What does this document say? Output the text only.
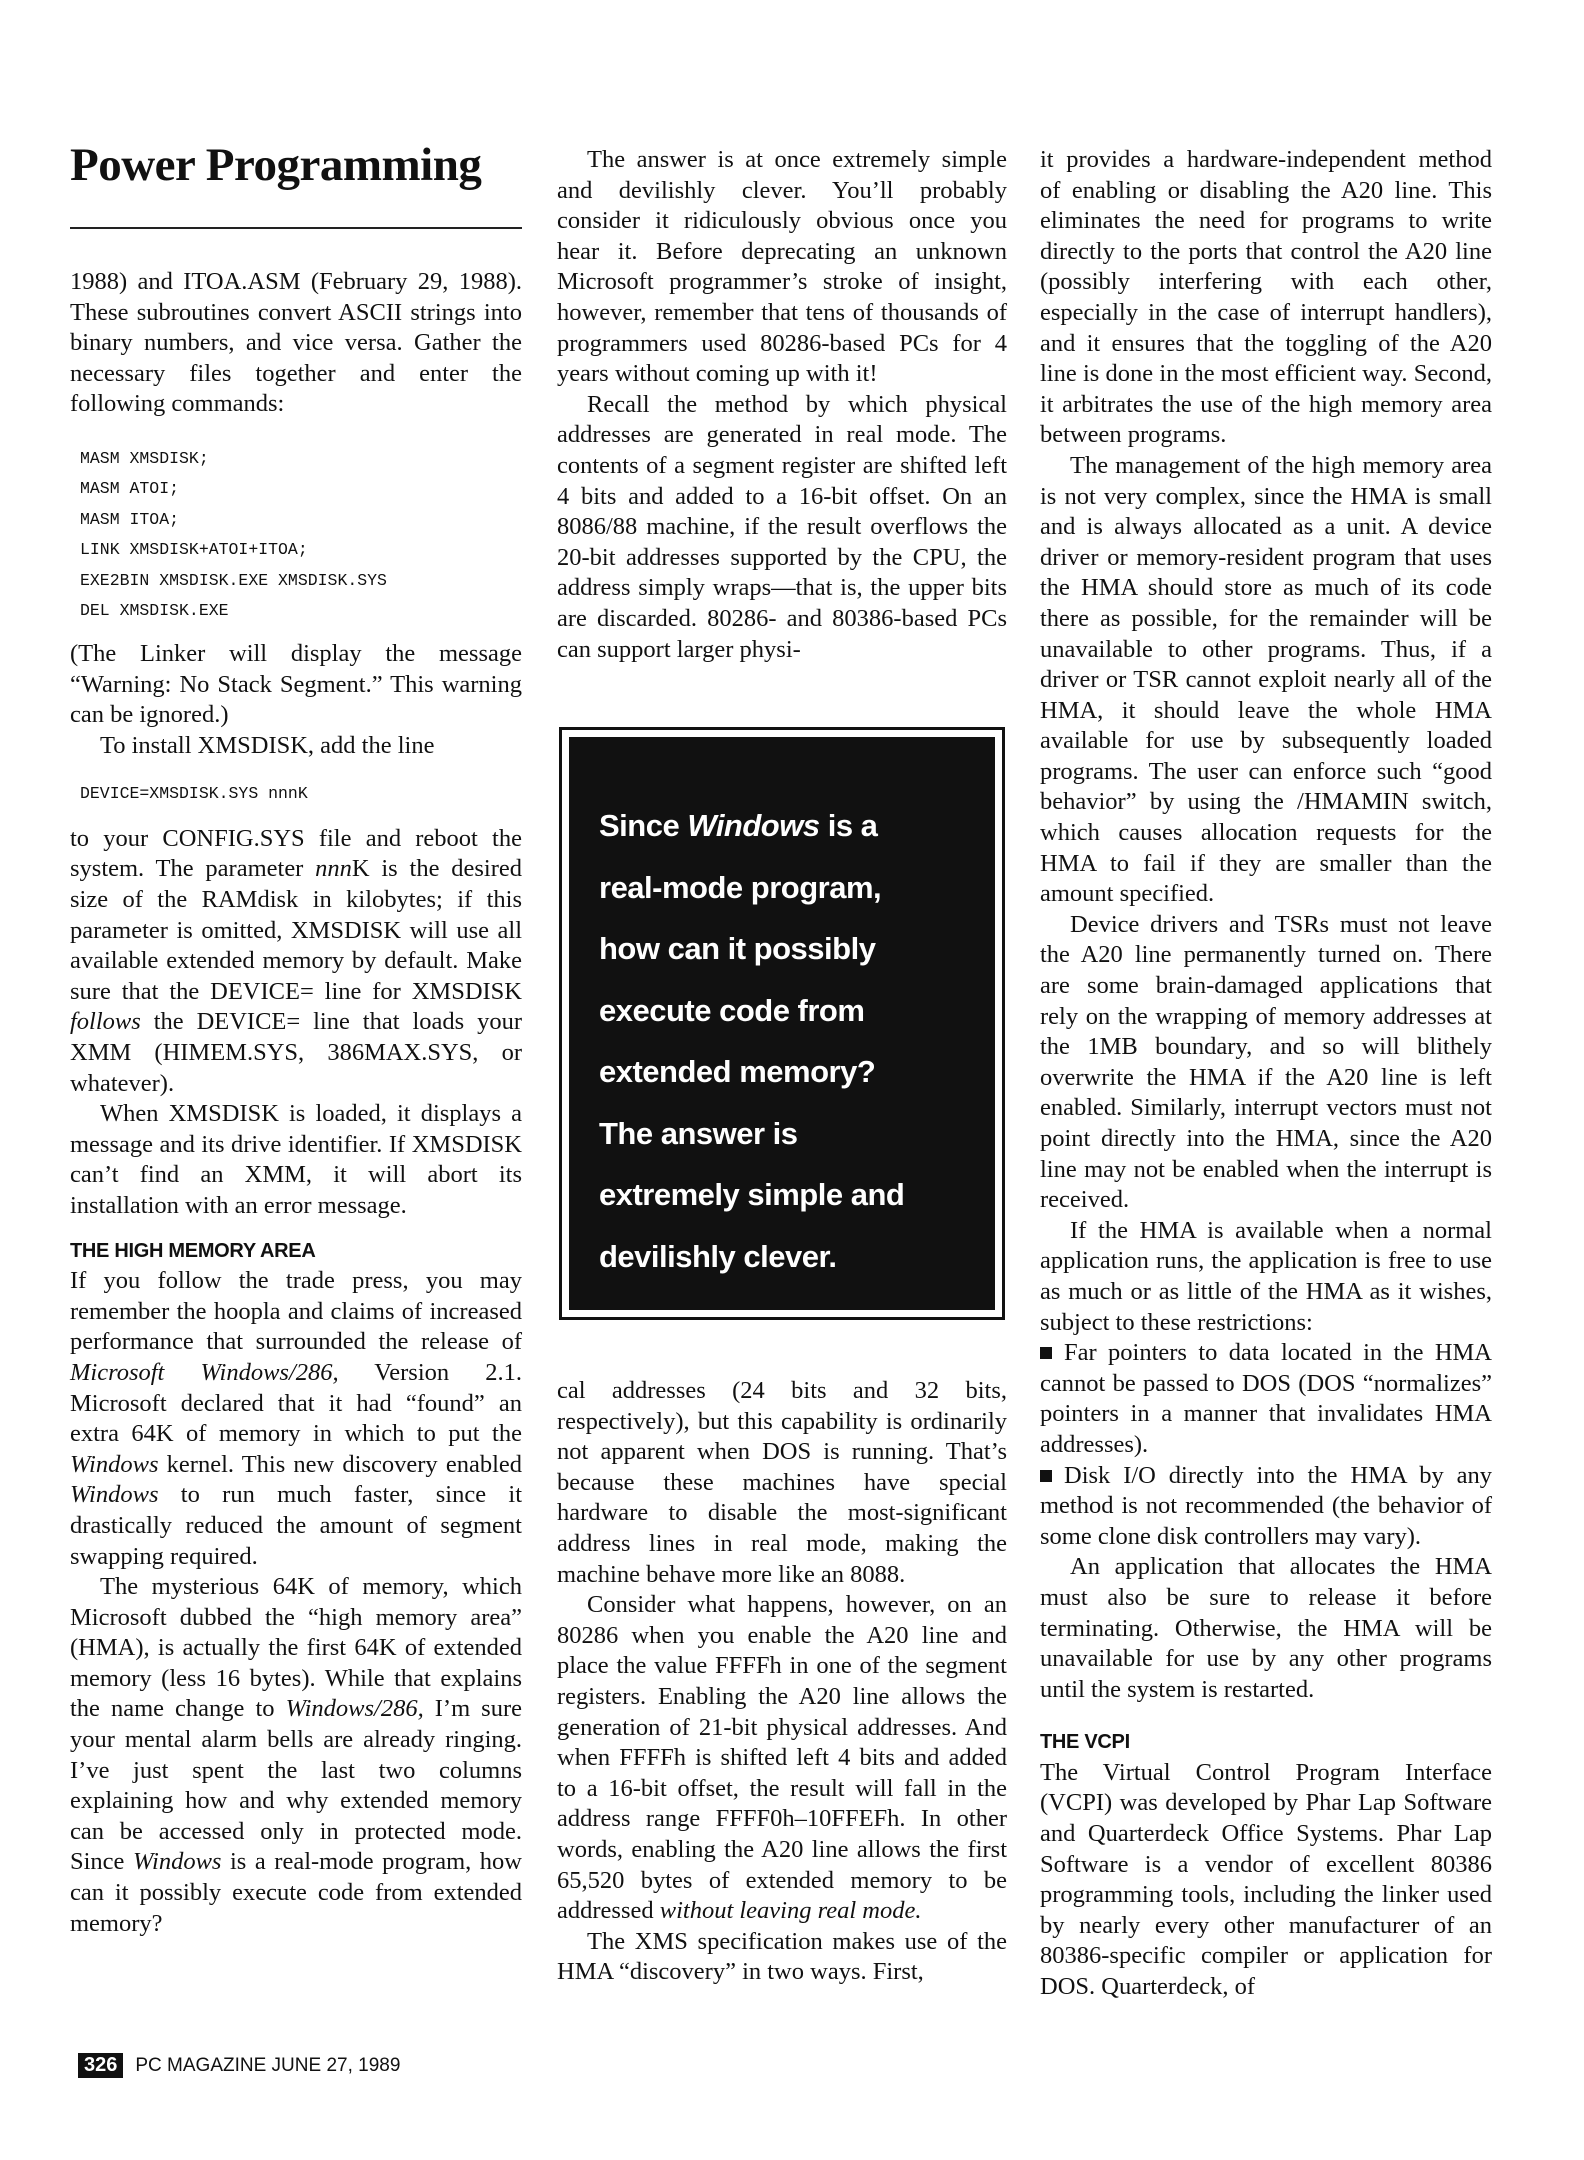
Power Programming

1988) and ITOA.ASM (February 29, 1988). These subroutines convert ASCII strings into binary numbers, and vice versa. Gather the necessary files together and enter the following commands:

MASM XMSDISK;

MASM ATOI;

MASM ITOA;

LINK XMSDISK+ATOI+ITOA;

EXE2BIN XMSDISK.EXE XMSDISK.SYS

DEL XMSDISK.EXE

(The Linker will display the message “Warning: No Stack Segment.” This warning can be ignored.)

To install XMSDISK, add the line

DEVICE=XMSDISK.SYS nnnK

to your CONFIG.SYS file and reboot the system. The parameter nnnK is the desired size of the RAMdisk in kilobytes; if this parameter is omitted, XMSDISK will use all available extended memory by default. Make sure that the DEVICE= line for XMSDISK follows the DEVICE= line that loads your XMM (HIMEM.SYS, 386MAX.SYS, or whatever).

When XMSDISK is loaded, it displays a message and its drive identifier. If XMSDISK can’t find an XMM, it will abort its installation with an error message.

THE HIGH MEMORY AREA

If you follow the trade press, you may remember the hoopla and claims of increased performance that surrounded the release of Microsoft Windows/286, Version 2.1. Microsoft declared that it had “found” an extra 64K of memory in which to put the Windows kernel. This new discovery enabled Windows to run much faster, since it drastically reduced the amount of segment swapping required.

The mysterious 64K of memory, which Microsoft dubbed the “high memory area” (HMA), is actually the first 64K of extended memory (less 16 bytes). While that explains the name change to Windows/286, I’m sure your mental alarm bells are already ringing. I’ve just spent the last two columns explaining how and why extended memory can be accessed only in protected mode. Since Windows is a real-mode program, how can it possibly execute code from extended memory?

The answer is at once extremely simple and devilishly clever. You’ll probably consider it ridiculously obvious once you hear it. Before deprecating an unknown Microsoft programmer’s stroke of insight, however, remember that tens of thousands of programmers used 80286-based PCs for 4 years without coming up with it!

Recall the method by which physical addresses are generated in real mode. The contents of a segment register are shifted left 4 bits and added to a 16-bit offset. On an 8086/88 machine, if the result overflows the 20-bit addresses supported by the CPU, the address simply wraps—that is, the upper bits are discarded. 80286- and 80386-based PCs can support larger physi-

Since Windows is a

real-mode program,

how can it possibly

execute code from

extended memory?

The answer is

extremely simple and

devilishly clever.

cal addresses (24 bits and 32 bits, respectively), but this capability is ordinarily not apparent when DOS is running. That’s because these machines have special hardware to disable the most-significant address lines in real mode, making the machine behave more like an 8088.

Consider what happens, however, on an 80286 when you enable the A20 line and place the value FFFFh in one of the segment registers. Enabling the A20 line allows the generation of 21-bit physical addresses. And when FFFFh is shifted left 4 bits and added to a 16-bit offset, the result will fall in the address range FFFF0h–10FFEFh. In other words, enabling the A20 line allows the first 65,520 bytes of extended memory to be addressed without leaving real mode.

The XMS specification makes use of the HMA “discovery” in two ways. First,

it provides a hardware-independent method of enabling or disabling the A20 line. This eliminates the need for programs to write directly to the ports that control the A20 line (possibly interfering with each other, especially in the case of interrupt handlers), and it ensures that the toggling of the A20 line is done in the most efficient way. Second, it arbitrates the use of the high memory area between programs.

The management of the high memory area is not very complex, since the HMA is small and is always allocated as a unit. A device driver or memory-resident program that uses the HMA should store as much of its code there as possible, for the remainder will be unavailable to other programs. Thus, if a driver or TSR cannot exploit nearly all of the HMA, it should leave the whole HMA available for use by subsequently loaded programs. The user can enforce such “good behavior” by using the /HMAMIN switch, which causes allocation requests for the HMA to fail if they are smaller than the amount specified.

Device drivers and TSRs must not leave the A20 line permanently turned on. There are some brain-damaged applications that rely on the wrapping of memory addresses at the 1MB boundary, and so will blithely overwrite the HMA if the A20 line is left enabled. Similarly, interrupt vectors must not point directly into the HMA, since the A20 line may not be enabled when the interrupt is received.

If the HMA is available when a normal application runs, the application is free to use as much or as little of the HMA as it wishes, subject to these restrictions:

Far pointers to data located in the HMA cannot be passed to DOS (DOS “normalizes” pointers in a manner that invalidates HMA addresses).

Disk I/O directly into the HMA by any method is not recommended (the behavior of some clone disk controllers may vary).

An application that allocates the HMA must also be sure to release it before terminating. Otherwise, the HMA will be unavailable for use by any other programs until the system is restarted.

THE VCPI

The Virtual Control Program Interface (VCPI) was developed by Phar Lap Software and Quarterdeck Office Systems. Phar Lap Software is a vendor of excellent 80386 programming tools, including the linker used by nearly every other manufacturer of an 80386-specific compiler or application for DOS. Quarterdeck, of

326 PC MAGAZINE JUNE 27, 1989
